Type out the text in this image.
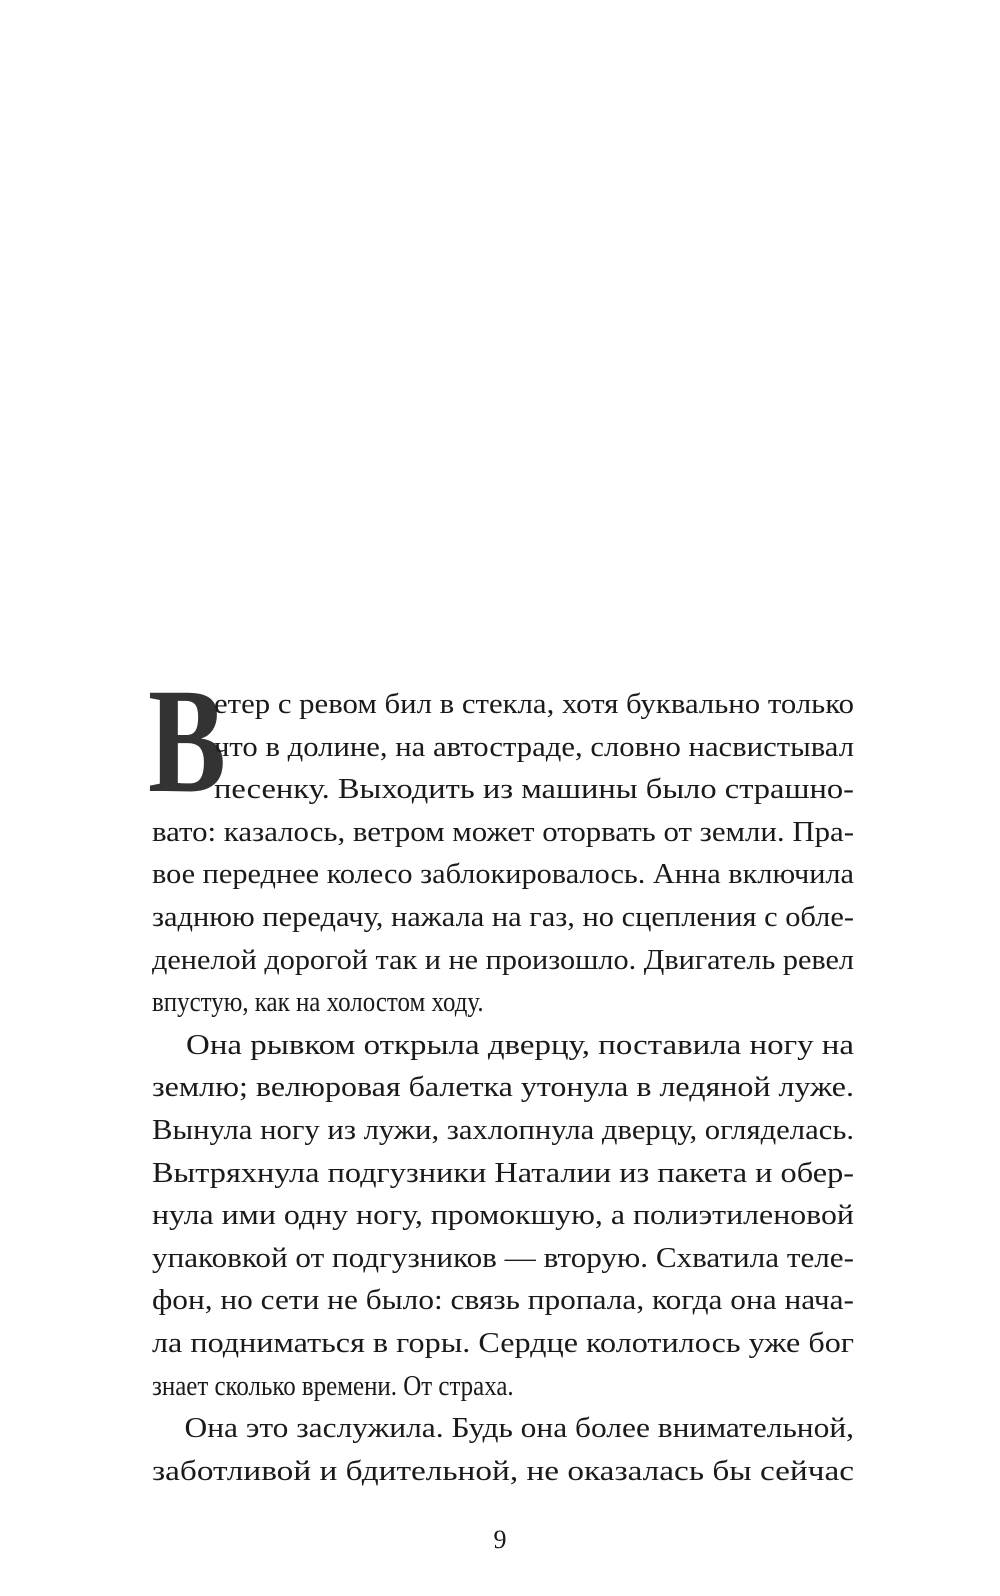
В
етер с ревом бил в стекла, хотя буквально только
что в долине, на автостраде, словно насвистывал
песенку. Выходить из машины было страшно-
вато: казалось, ветром может оторвать от земли. Пра-
вое переднее колесо заблокировалось. Анна включила
заднюю передачу, нажала на газ, но сцепления с обле-
денелой дорогой так и не произошло. Двигатель ревел
впустую, как на холостом ходу.
Она рывком открыла дверцу, поставила ногу на
землю; велюровая балетка утонула в ледяной луже.
Вынула ногу из лужи, захлопнула дверцу, огляделась.
Вытряхнула подгузники Наталии из пакета и обер-
нула ими одну ногу, промокшую, а полиэтиленовой
упаковкой от подгузников — вторую. Схватила теле-
фон, но сети не было: связь пропала, когда она нача-
ла подниматься в горы. Сердце колотилось уже бог
знает сколько времени. От страха.
Она это заслужила. Будь она более внимательной,
заботливой и бдительной, не оказалась бы сейчас
9
